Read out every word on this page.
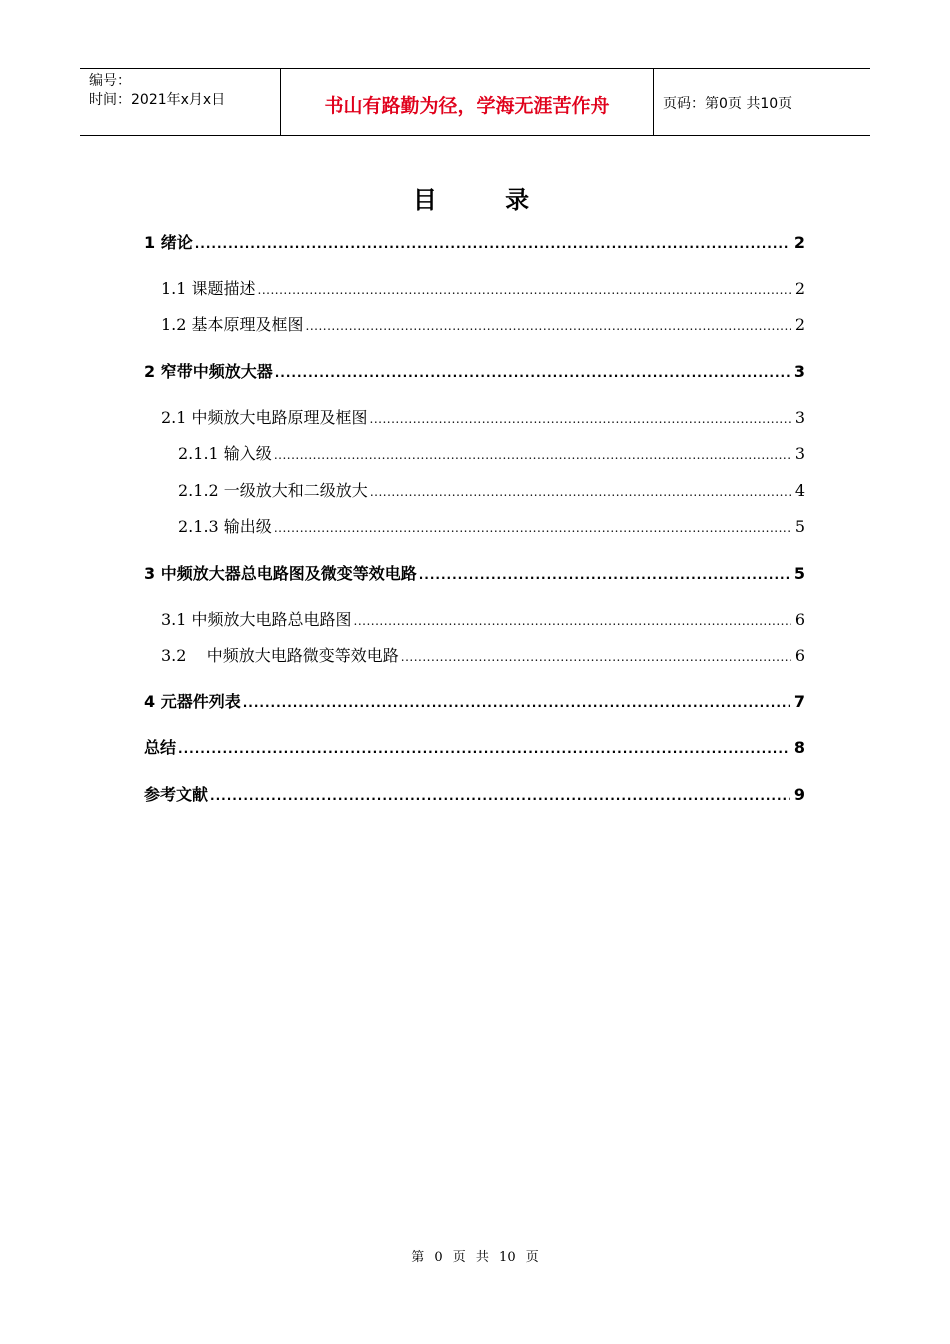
编号：
时间：2021年x月x日	书山有路勤为径，学海无涯苦作舟	页码：第0页 共10页
目 录
1 绪论 .....	2
1.1 课题描述 .....	2
1.2 基本原理及框图 .....	2
2 窄带中频放大器 .....	3
2.1 中频放大电路原理及框图 .....	3
2.1.1 输入级 .....	3
2.1.2 一级放大和二级放大 .....	4
2.1.3 输出级 .....	5
3 中频放大器总电路图及微变等效电路 .....	5
3.1 中频放大电路总电路图 .....	6
3.2    中频放大电路微变等效电路 .....	6
4 元器件列表 .....	7
总结 .....	8
参考文献 .....	9
第 0 页 共 10 页
